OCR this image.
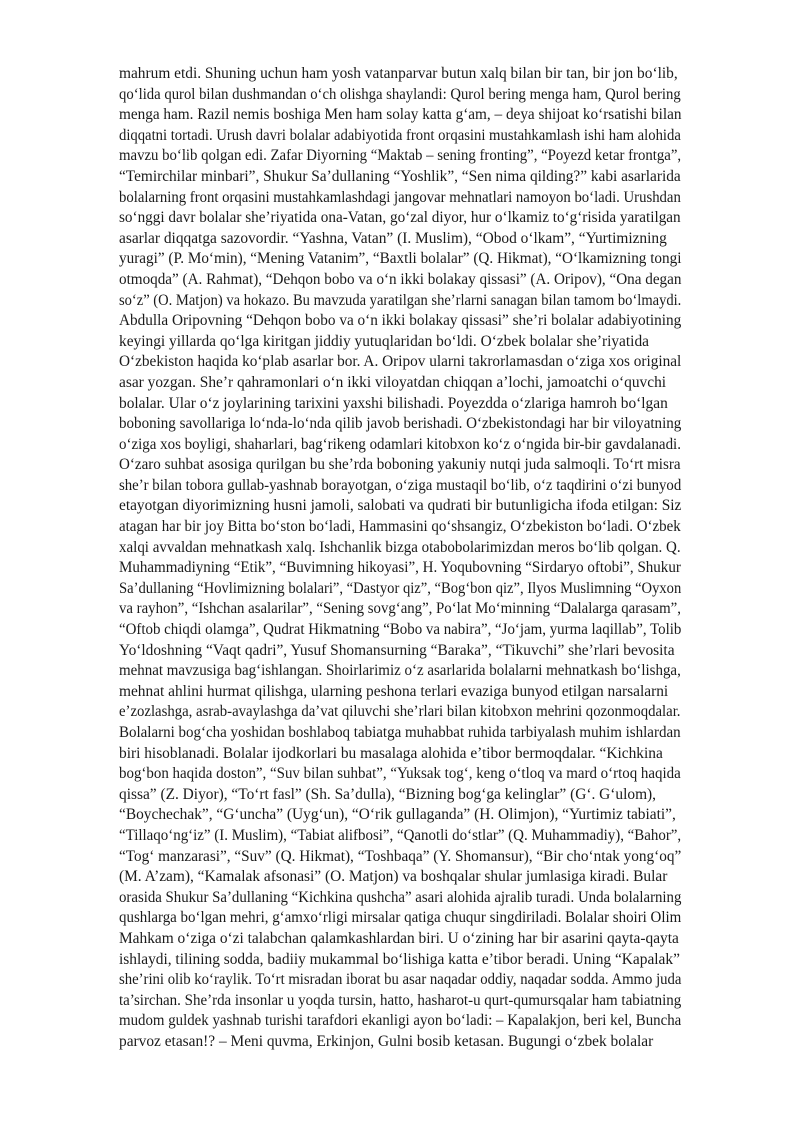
mahrum etdi. Shuning uchun ham yosh vatanparvar butun xalq bilan bir tan, bir jon bo‘lib,
qo‘lida qurol bilan dushmandan o‘ch olishga shaylandi: Qurol bering menga ham, Qurol bering
menga ham. Razil nemis boshiga Men ham solay katta g‘am, – deya shijoat ko‘rsatishi bilan
diqqatni tortadi. Urush davri bolalar adabiyotida front orqasini mustahkamlash ishi ham alohida
mavzu bo‘lib qolgan edi. Zafar Diyorning “Maktab – sening fronting”, “Poyezd ketar frontga”,
“Temirchilar minbari”, Shukur Sa’dullaning “Yoshlik”, “Sen nima qilding?” kabi asarlarida
bolalarning front orqasini mustahkamlashdagi jangovar mehnatlari namoyon bo‘ladi. Urushdan
so‘nggi davr bolalar she’riyatida ona-Vatan, go‘zal diyor, hur o‘lkamiz to‘g‘risida yaratilgan
asarlar diqqatga sazovordir. “Yashna, Vatan” (I. Muslim), “Obod o‘lkam”, “Yurtimizning
yuragi” (P. Mo‘min), “Mening Vatanim”, “Baxtli bolalar” (Q. Hikmat), “O‘lkamizning tongi
otmoqda” (A. Rahmat), “Dehqon bobo va o‘n ikki bolakay qissasi” (A. Oripov), “Ona degan
so‘z” (O. Matjon) va hokazo. Bu mavzuda yaratilgan she’rlarni sanagan bilan tamom bo‘lmaydi.
Abdulla Oripovning “Dehqon bobo va o‘n ikki bolakay qissasi” she’ri bolalar adabiyotining
keyingi yillarda qo‘lga kiritgan jiddiy yutuqlaridan bo‘ldi. O‘zbek bolalar she’riyatida
O‘zbekiston haqida ko‘plab asarlar bor. A. Oripov ularni takrorlamasdan o‘ziga xos original
asar yozgan. She’r qahramonlari o‘n ikki viloyatdan chiqqan a’lochi, jamoatchi o‘quvchi
bolalar. Ular o‘z joylarining tarixini yaxshi bilishadi. Poyezdda o‘zlariga hamroh bo‘lgan
boboning savollariga lo‘nda-lo‘nda qilib javob berishadi. O‘zbekistondagi har bir viloyatning
o‘ziga xos boyligi, shaharlari, bag‘rikeng odamlari kitobxon ko‘z o‘ngida bir-bir gavdalanadi.
O‘zaro suhbat asosiga qurilgan bu she’rda boboning yakuniy nutqi juda salmoqli. To‘rt misra
she’r bilan tobora gullab-yashnab borayotgan, o‘ziga mustaqil bo‘lib, o‘z taqdirini o‘zi bunyod
etayotgan diyorimizning husni jamoli, salobati va qudrati bir butunligicha ifoda etilgan: Siz
atagan har bir joy Bitta bo‘ston bo‘ladi, Hammasini qo‘shsangiz, O‘zbekiston bo‘ladi. O‘zbek
xalqi avvaldan mehnatkash xalq. Ishchanlik bizga otabobolarimizdan meros bo‘lib qolgan. Q.
Muhammadiyning “Etik”, “Buvimning hikoyasi”, H. Yoqubovning “Sirdaryo oftobi”, Shukur
Sa’dullaning “Hovlimizning bolalari”, “Dastyor qiz”, “Bog‘bon qiz”, Ilyos Muslimning “Oyxon
va rayhon”, “Ishchan asalarilar”, “Sening sovg‘ang”, Po‘lat Mo‘minning “Dalalarga qarasam”,
“Oftob chiqdi olamga”, Qudrat Hikmatning “Bobo va nabira”, “Jo‘jam, yurma laqillab”, Tolib
Yo‘ldoshning “Vaqt qadri”, Yusuf Shomansurning “Baraka”, “Tikuvchi” she’rlari bevosita
mehnat mavzusiga bag‘ishlangan. Shoirlarimiz o‘z asarlarida bolalarni mehnatkash bo‘lishga,
mehnat ahlini hurmat qilishga, ularning peshona terlari evaziga bunyod etilgan narsalarni
e’zozlashga, asrab-avaylashga da’vat qiluvchi she’rlari bilan kitobxon mehrini qozonmoqdalar.
Bolalarni bog‘cha yoshidan boshlaboq tabiatga muhabbat ruhida tarbiyalash muhim ishlardan
biri hisoblanadi. Bolalar ijodkorlari bu masalaga alohida e’tibor bermoqdalar. “Kichkina
bog‘bon haqida doston”, “Suv bilan suhbat”, “Yuksak tog‘, keng o‘tloq va mard o‘rtoq haqida
qissa” (Z. Diyor), “To‘rt fasl” (Sh. Sa’dulla), “Bizning bog‘ga kelinglar” (G‘. G‘ulom),
“Boychechak”, “G‘uncha” (Uyg‘un), “O‘rik gullaganda” (H. Olimjon), “Yurtimiz tabiati”,
“Tillaqo‘ng‘iz” (I. Muslim), “Tabiat alifbosi”, “Qanotli do‘stlar” (Q. Muhammadiy), “Bahor”,
“Tog‘ manzarasi”, “Suv” (Q. Hikmat), “Toshbaqa” (Y. Shomansur), “Bir cho‘ntak yong‘oq”
(M. A’zam), “Kamalak afsonasi” (O. Matjon) va boshqalar shular jumlasiga kiradi. Bular
orasida Shukur Sa’dullaning “Kichkina qushcha” asari alohida ajralib turadi. Unda bolalarning
qushlarga bo‘lgan mehri, g‘amxo‘rligi mirsalar qatiga chuqur singdiriladi. Bolalar shoiri Olim
Mahkam o‘ziga o‘zi talabchan qalamkashlardan biri. U o‘zining har bir asarini qayta-qayta
ishlaydi, tilining sodda, badiiy mukammal bo‘lishiga katta e’tibor beradi. Uning “Kapalak”
she’rini olib ko‘raylik. To‘rt misradan iborat bu asar naqadar oddiy, naqadar sodda. Ammo juda
ta’sirchan. She’rda insonlar u yoqda tursin, hatto, hasharot-u qurt-qumursqalar ham tabiatning
mudom guldek yashnab turishi tarafdori ekanligi ayon bo‘ladi: – Kapalakjon, beri kel, Buncha
parvoz etasan!? – Meni quvma, Erkinjon, Gulni bosib ketasan. Bugungi o‘zbek bolalar
